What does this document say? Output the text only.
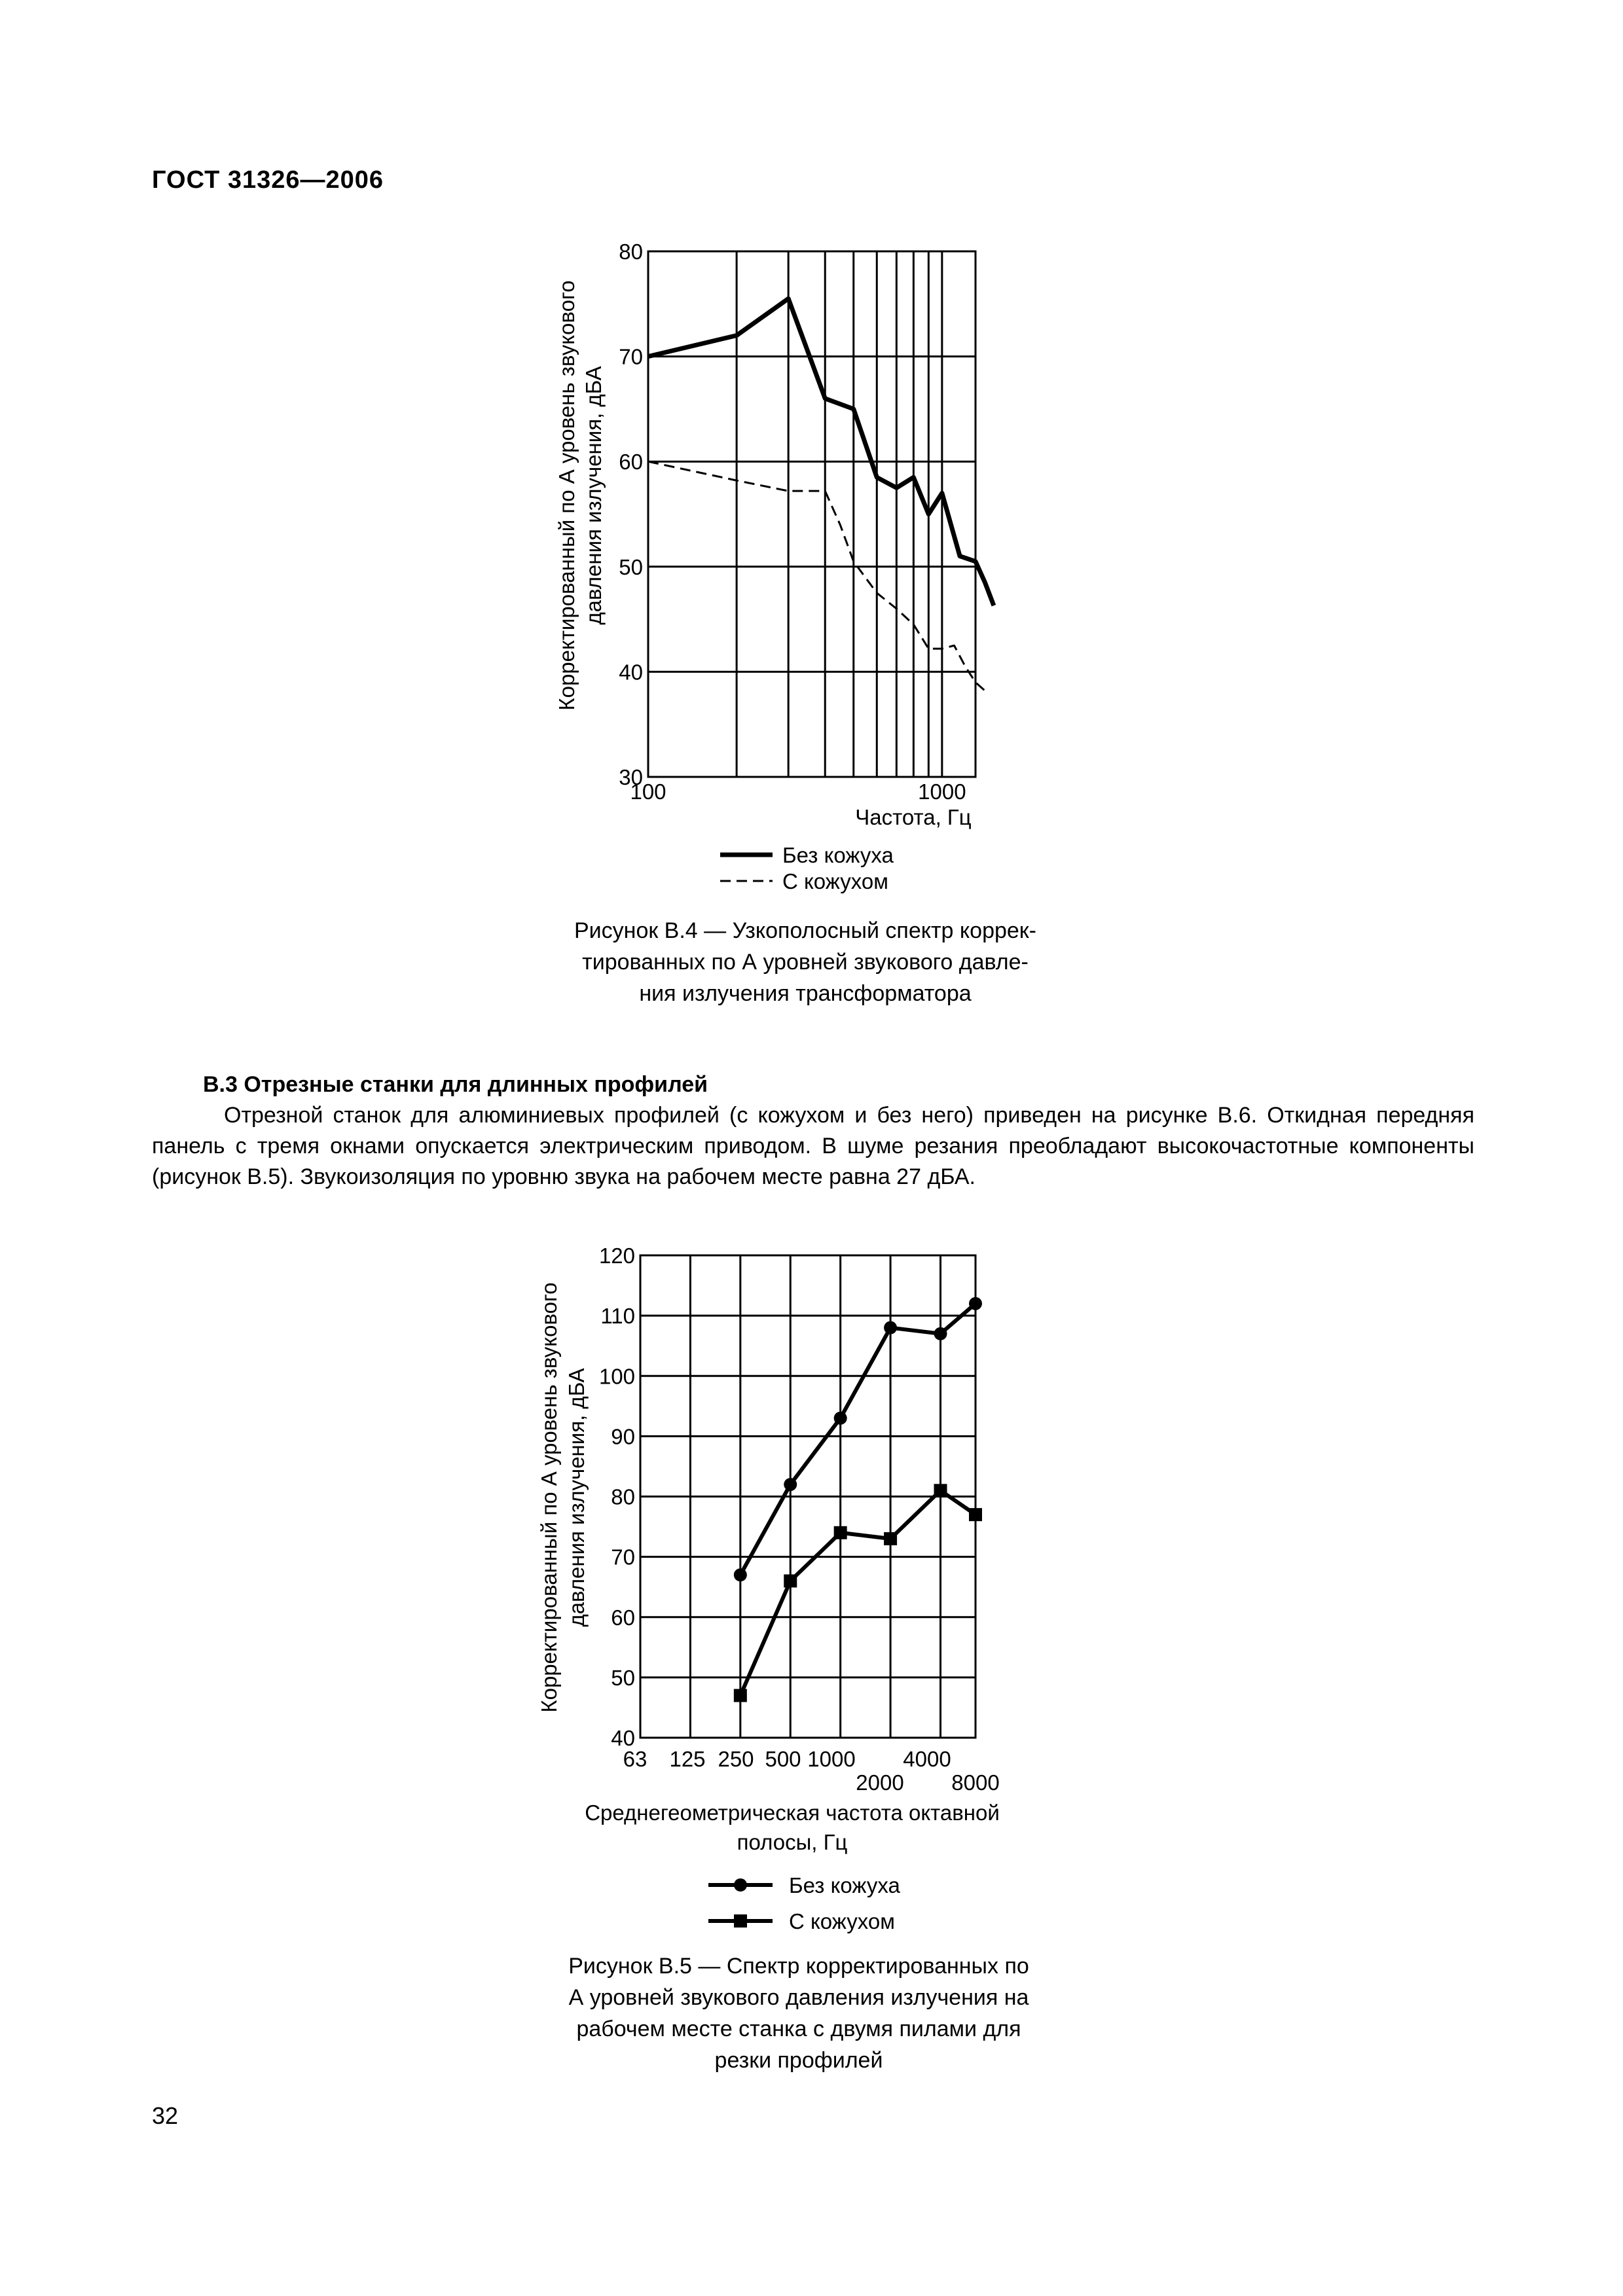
ГОСТ 31326—2006
30
40
50
60
70
80
100	1000
Корректированный по А уровень звукового давления излучения, дБА
Частота, Гц
Без кожуха
С кожухом
Рисунок В.4 — Узкополосный спектр коррек-
тированных по А уровней звукового давле-
ния излучения трансформатора
В.3 Отрезные станки для длинных профилей
Отрезной станок для алюминиевых профилей (с кожухом и без него) приведен на рисунке В.6. Откидная передняя панель с тремя окнами опускается электрическим приводом. В шуме резания преобладают высокочастотные компоненты (рисунок В.5). Звукоизоляция по уровню звука на рабочем месте равна 27 дБА.
40
50
60
70
80
90
100
110
120
63 125 250 500 1000
2000
4000
8000
Корректированный по А уровень звукового давления излучения, дБА
Среднегеометрическая частота октавной
полосы, Гц
Без кожуха
С кожухом
Рисунок В.5 — Спектр корректированных по
А уровней звукового давления излучения на
рабочем месте станка с двумя пилами для
резки профилей
32
